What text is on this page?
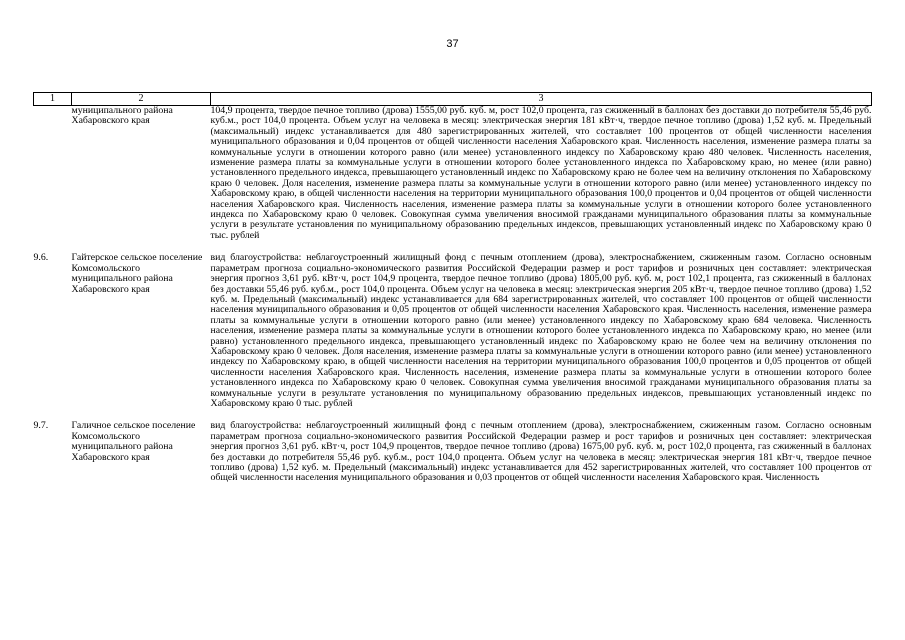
37
1	2	3
	муниципального района Хабаровского края	104,9 процента, твердое печное топливо (дрова) 1555,00 руб. куб. м, рост 102,0 процента, газ сжиженный в баллонах без доставки до потребителя 55,46 руб. куб.м., рост 104,0 процента. Объем услуг на человека в месяц: электрическая энергия 181 кВт·ч, твердое печное топливо (дрова) 1,52 куб. м. Предельный (максимальный) индекс устанавливается для 480 зарегистрированных жителей, что составляет 100 процентов от общей численности населения муниципального образования и 0,04 процентов от общей численности населения Хабаровского края. Численность населения, изменение размера платы за коммунальные услуги в отношении которого равно (или менее) установленного индексу по Хабаровскому краю 480 человек. Численность населения, изменение размера платы за коммунальные услуги в отношении которого более установленного индекса по Хабаровскому краю, но менее (или равно) установленного предельного индекса, превышающего установленный индекс по Хабаровскому краю не более чем на величину отклонения по Хабаровскому краю 0 человек. Доля населения, изменение размера платы за коммунальные услуги в отношении которого равно (или менее) установленного индексу по Хабаровскому краю, в общей численности населения на территории муниципального образования 100,0 процентов и 0,04 процентов от общей численности населения Хабаровского края. Численность населения, изменение размера платы за коммунальные услуги в отношении которого более установленного индекса по Хабаровскому краю 0 человек. Совокупная сумма увеличения вносимой гражданами муниципального образования платы за коммунальные услуги в результате установления по муниципальному образованию предельных индексов, превышающих установленный индекс по Хабаровскому краю 0 тыс. рублей

9.6.	Гайтерское сельское поселение Комсомольского муниципального района Хабаровского края	вид благоустройства: неблагоустроенный жилищный фонд с печным отоплением (дрова), электроснабжением, сжиженным газом. Согласно основным параметрам прогноза социально-экономического развития Российской Федерации размер и рост тарифов и розничных цен составляет: электрическая энергия прогноз 3,61 руб. кВт·ч, рост 104,9 процента, твердое печное топливо (дрова) 1805,00 руб. куб. м, рост 102,1 процента, газ сжиженный в баллонах без доставки 55,46 руб. куб.м., рост 104,0 процента. Объем услуг на человека в месяц: электрическая энергия 205 кВт·ч, твердое печное топливо (дрова) 1,52 куб. м. Предельный (максимальный) индекс устанавливается для 684 зарегистрированных жителей, что составляет 100 процентов от общей численности населения муниципального образования и 0,05 процентов от общей численности населения Хабаровского края. Численность населения, изменение размера платы за коммунальные услуги в отношении которого равно (или менее) установленного индексу по Хабаровскому краю 684 человека. Численность населения, изменение размера платы за коммунальные услуги в отношении которого более установленного индекса по Хабаровскому краю, но менее (или равно) установленного предельного индекса, превышающего установленный индекс по Хабаровскому краю не более чем на величину отклонения по Хабаровскому краю 0 человек. Доля населения, изменение размера платы за коммунальные услуги в отношении которого равно (или менее) установленного индексу по Хабаровскому краю, в общей численности населения на территории муниципального образования 100,0 процентов и 0,05 процентов от общей численности населения Хабаровского края. Численность населения, изменение размера платы за коммунальные услуги в отношении которого более установленного индекса по Хабаровскому краю 0 человек. Совокупная сумма увеличения вносимой гражданами муниципального образования платы за коммунальные услуги в результате установления по муниципальному образованию предельных индексов, превышающих установленный индекс по Хабаровскому краю 0 тыс. рублей

9.7.	Галичное сельское поселение Комсомольского муниципального района Хабаровского края	вид благоустройства: неблагоустроенный жилищный фонд с печным отоплением (дрова), электроснабжением, сжиженным газом. Согласно основным параметрам прогноза социально-экономического развития Российской Федерации размер и рост тарифов и розничных цен составляет: электрическая энергия прогноз 3,61 руб. кВт·ч, рост 104,9 процентов, твердое печное топливо (дрова) 1675,00 руб. куб. м, рост 102,0 процента, газ сжиженный в баллонах без доставки до потребителя 55,46 руб. куб.м., рост 104,0 процента. Объем услуг на человека в месяц: электрическая энергия 181 кВт·ч, твердое печное топливо (дрова) 1,52 куб. м. Предельный (максимальный) индекс устанавливается для 452 зарегистрированных жителей, что составляет 100 процентов от общей численности населения муниципального образования и 0,03 процентов от общей численности населения Хабаровского края. Численность
